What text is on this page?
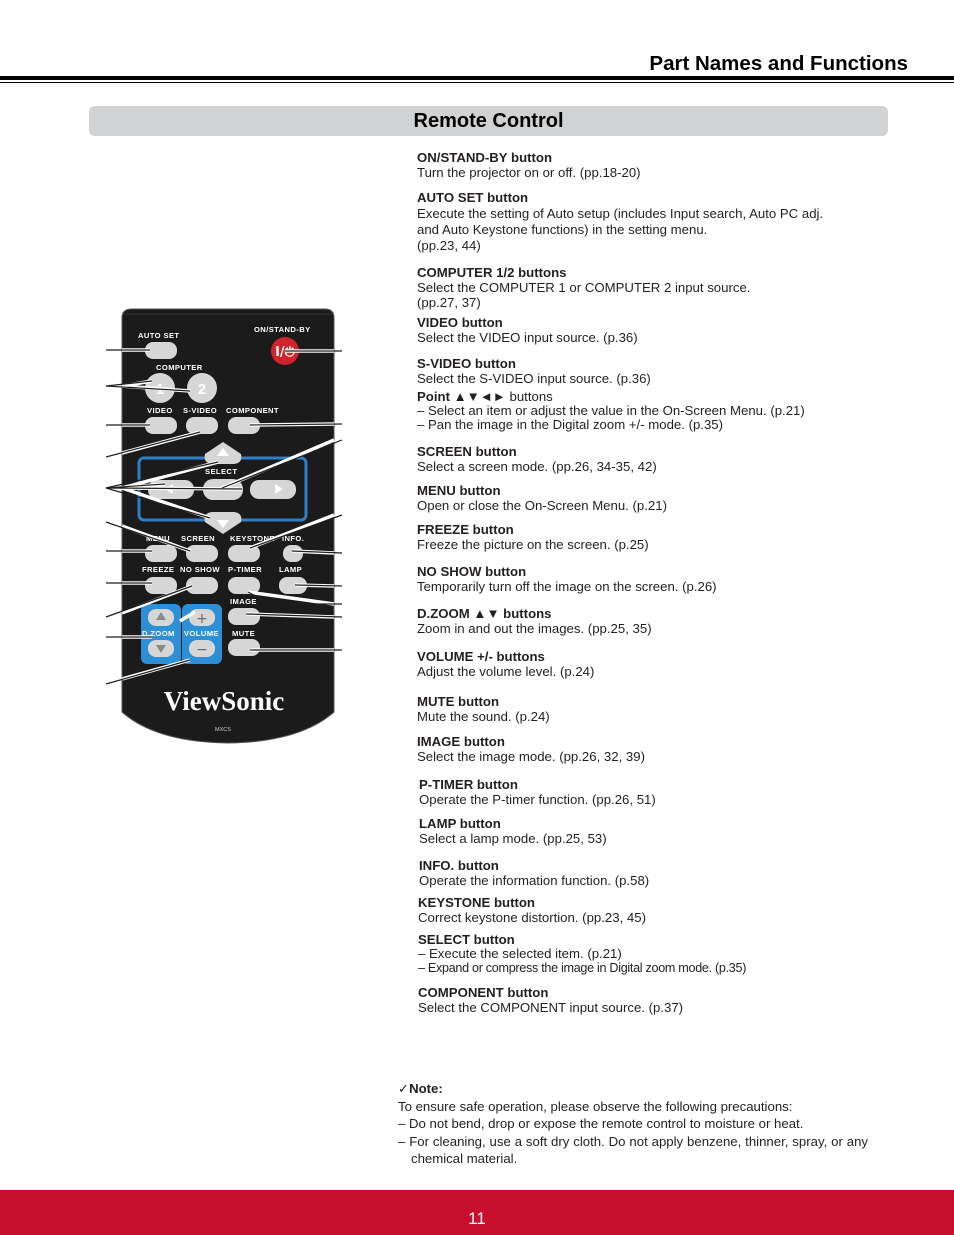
Part Names and Functions
Remote Control
AUTO SET
ON/STAND-BY
I/⏻
COMPUTER
1 2
VIDEO S-VIDEO COMPONENT
SELECT
MENU SCREEN KEYSTONE INFO.
FREEZE NO SHOW P-TIMER LAMP
D.ZOOM
+
−
VOLUME
IMAGE
MUTE
ViewSonic
MXCS
ON/STAND-BY button
Turn the projector on or off. (pp.18-20)
AUTO SET button
Execute the setting of Auto setup (includes Input search, Auto PC adj.
and Auto Keystone functions) in the setting menu.
(pp.23, 44)
COMPUTER 1/2 buttons
Select the COMPUTER 1 or COMPUTER 2 input source.
(pp.27, 37)
VIDEO button
Select the VIDEO input source. (p.36)
S-VIDEO button
Select the S-VIDEO input source. (p.36)
Point ▲▼◄► buttons
– Select an item or adjust the value in the On-Screen Menu. (p.21)
– Pan the image in the Digital zoom +/- mode. (p.35)
SCREEN button
Select a screen mode. (pp.26, 34-35, 42)
MENU button
Open or close the On-Screen Menu. (p.21)
FREEZE button
Freeze the picture on the screen. (p.25)
NO SHOW button
Temporarily turn off the image on the screen. (p.26)
D.ZOOM ▲▼ buttons
Zoom in and out the images. (pp.25, 35)
VOLUME +/- buttons
Adjust the volume level. (p.24)
MUTE button
Mute the sound. (p.24)
IMAGE button
Select the image mode. (pp.26, 32, 39)
P-TIMER button
Operate the P-timer function. (pp.26, 51)
LAMP button
Select a lamp mode. (pp.25, 53)
INFO. button
Operate the information function. (p.58)
KEYSTONE button
Correct keystone distortion. (pp.23, 45)
SELECT button
– Execute the selected item. (p.21)
– Expand or compress the image in Digital zoom mode. (p.35)
COMPONENT button
Select the COMPONENT input source. (p.37)
✓Note:
To ensure safe operation, please observe the following precautions:
– Do not bend, drop or expose the remote control to moisture or heat.
– For cleaning, use a soft dry cloth. Do not apply benzene, thinner, spray, or any chemical material.
11
